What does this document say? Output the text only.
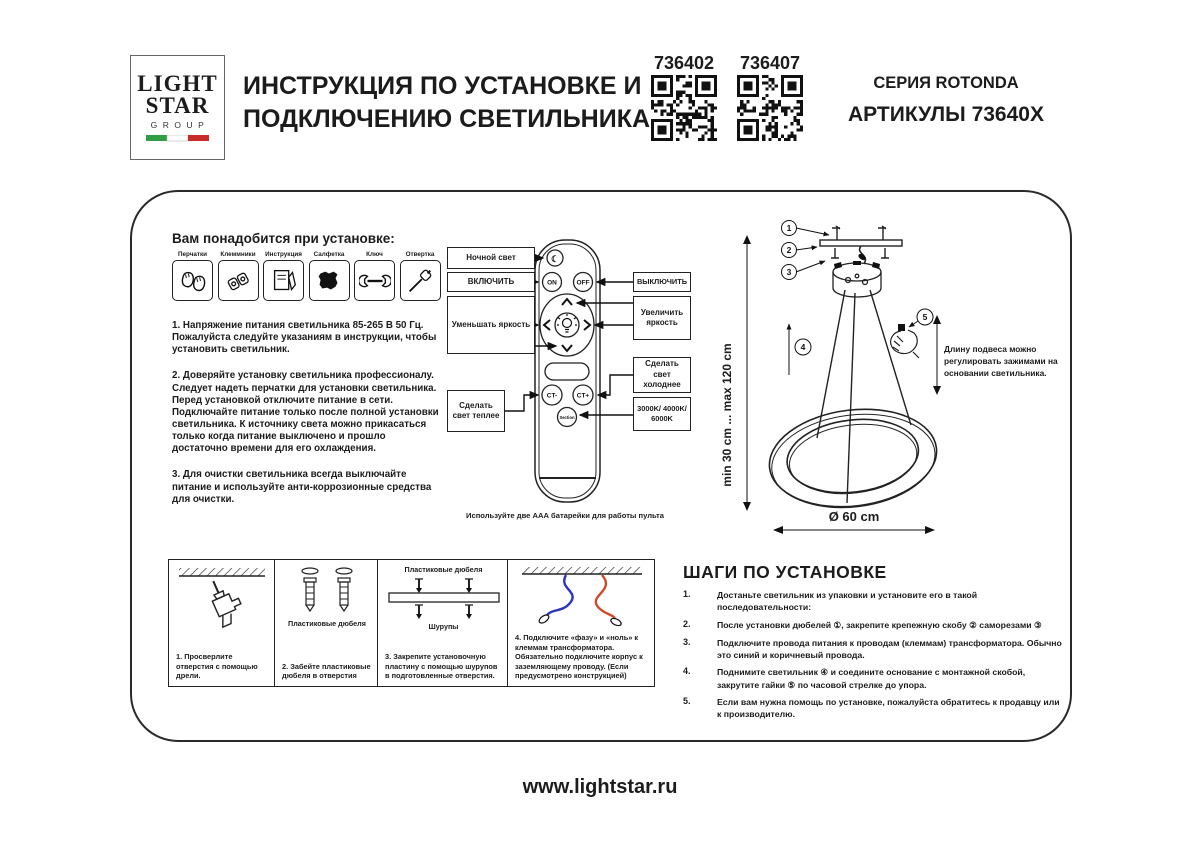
LIGHT
STAR
GROUP
ИНСТРУКЦИЯ ПО УСТАНОВКЕ И
ПОДКЛЮЧЕНИЮ СВЕТИЛЬНИКА
736402 736407
СЕРИЯ ROTONDA
АРТИКУЛЫ 73640X
Вам понадобится при установке:
Перчатки Клеммники Инструкция Салфетка	Ключ	Отвертка

1. Напряжение питания светильника 85-265 В 50 Гц. Пожалуйста следуйте указаниям в инструкции, чтобы установить светильник.

2. Доверяйте установку светильника профессионалу. Следует надеть перчатки для установки светильника. Перед установкой отключите питание в сети. Подключайте питание только после полной установки светильника. К источнику света можно прикасаться только когда питание выключено и прошло достаточно времени для его охлаждения.

3. Для очистки светильника всегда выключайте питание и используйте анти-коррозионные средства для очистки.

☾
ON	OFF
CT-	CT+
Section
Ночной свет
ВКЛЮЧИТЬ	ВЫКЛЮЧИТЬ
Уменьшать яркость
Увеличить яркость
Сделать свет холоднее
3000K/ 4000K/ 6000K
Сделать свет теплее
Используйте две ААА батарейки для работы пульта
min 30 cm ... max 120 cm
1
2
3
4
5
Ø 60 cm
Длину подвеса можно регулировать зажимами на основании светильника.
1. Просверлите отверстия с помощью дрели.
Пластиковые дюбеля
2. Забейте пластиковые дюбеля в отверстия
Пластиковые дюбеля
Шурупы
3. Закрепите установочную пластину с помощью шурупов в подготовленные отверстия.
4. Подключите «фазу» и «ноль» к клеммам трансформатора. Обязательно подключите корпус к заземляющему проводу. (Если предусмотрено конструкцией)
ШАГИ ПО УСТАНОВКЕ
1.	Достаньте светильник из упаковки и установите его в такой последовательности:
2.	После установки дюбелей ①, закрепите крепежную скобу ② саморезами ③
3.	Подключите провода питания к проводам (клеммам) трансформатора. Обычно это синий и коричневый провода.
4.	Поднимите светильник ④ и соедините основание с монтажной скобой, закрутите гайки ⑤ по часовой стрелке до упора.
5.	Если вам нужна помощь по установке, пожалуйста обратитесь к продавцу или к производителю.
www.lightstar.ru
